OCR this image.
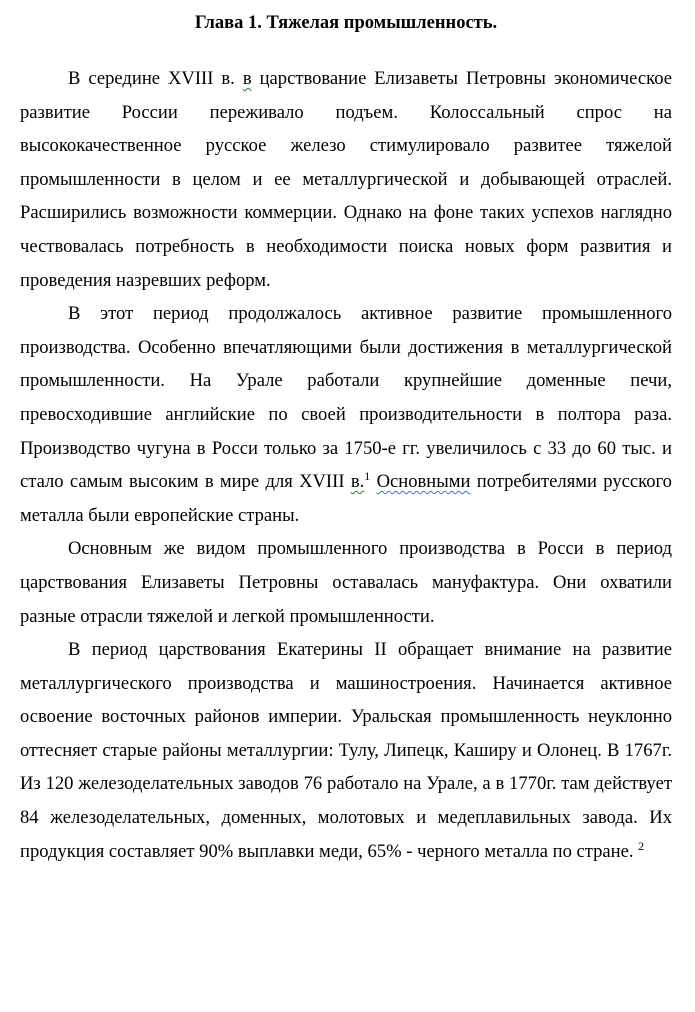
Глава 1. Тяжелая промышленность.

В середине XVIII в. в царствование Елизаветы Петровны экономическое развитие России переживало подъем. Колоссальный спрос на высококачественное русское железо стимулировало развитее тяжелой промышленности в целом и ее металлургической и добывающей отраслей. Расширились возможности коммерции. Однако на фоне таких успехов наглядно чествовалась потребность в необходимости поиска новых форм развития и проведения назревших реформ.

В этот период продолжалось активное развитие промышленного производства. Особенно впечатляющими были достижения в металлургической промышленности. На Урале работали крупнейшие доменные печи, превосходившие английские по своей производительности в полтора раза. Производство чугуна в Росси только за 1750-е гг. увеличилось с 33 до 60 тыс. и стало самым высоким в мире для XVIII в.$^1$ Основными потребителями русского металла были европейские страны.

Основным же видом промышленного производства в Росси в период царствования Елизаветы Петровны оставалась мануфактура. Они охватили разные отрасли тяжелой и легкой промышленности.

В период царствования Екатерины II обращает внимание на развитие металлургического производства и машиностроения. Начинается активное освоение восточных районов империи. Уральская промышленность неуклонно оттесняет старые районы металлургии: Тулу, Липецк, Каширу и Олонец. В 1767г. Из 120 железоделательных заводов 76 работало на Урале, а в 1770г. там действует 84 железоделательных, доменных, молотовых и медеплавильных завода. Их продукция составляет 90% выплавки меди, 65% - черного металла по стране. $^2$
